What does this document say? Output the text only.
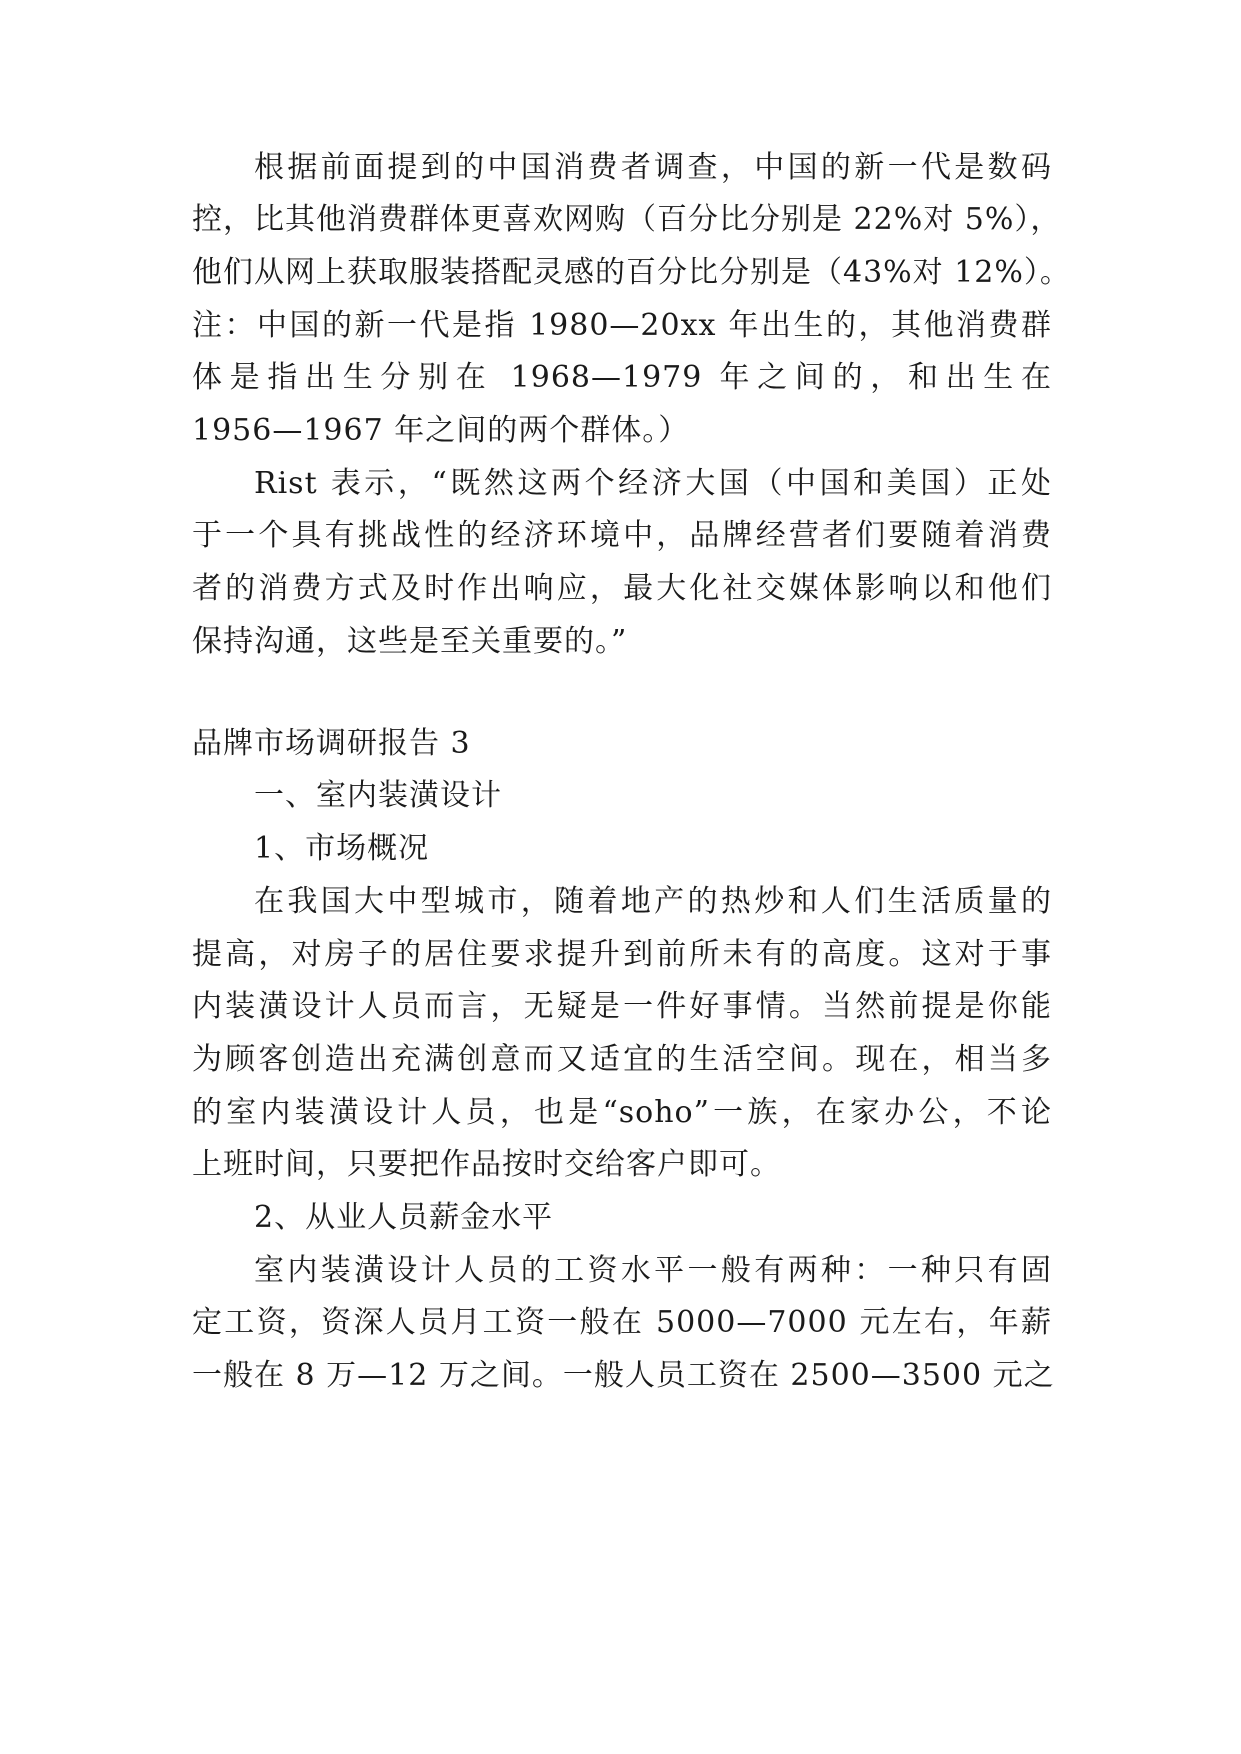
根据前面提到的中国消费者调查，中国的新一代是数码
控，比其他消费群体更喜欢网购（百分比分别是 22%对 5%），
他们从网上获取服装搭配灵感的百分比分别是（43%对 12%）。
注：中国的新一代是指 1980—20xx 年出生的，其他消费群
体是指出生分别在 1968—1979 年之间的，和出生在
1956—1967 年之间的两个群体。）
Rist 表示，“既然这两个经济大国（中国和美国）正处
于一个具有挑战性的经济环境中，品牌经营者们要随着消费
者的消费方式及时作出响应，最大化社交媒体影响以和他们
保持沟通，这些是至关重要的。”
品牌市场调研报告 3
一、室内装潢设计
1、市场概况
在我国大中型城市，随着地产的热炒和人们生活质量的
提高，对房子的居住要求提升到前所未有的高度。这对于事
内装潢设计人员而言，无疑是一件好事情。当然前提是你能
为顾客创造出充满创意而又适宜的生活空间。现在，相当多
的室内装潢设计人员，也是“soho”一族，在家办公，不论
上班时间，只要把作品按时交给客户即可。
2、从业人员薪金水平
室内装潢设计人员的工资水平一般有两种：一种只有固
定工资，资深人员月工资一般在 5000—7000 元左右，年薪
一般在 8 万—12 万之间。一般人员工资在 2500—3500 元之
